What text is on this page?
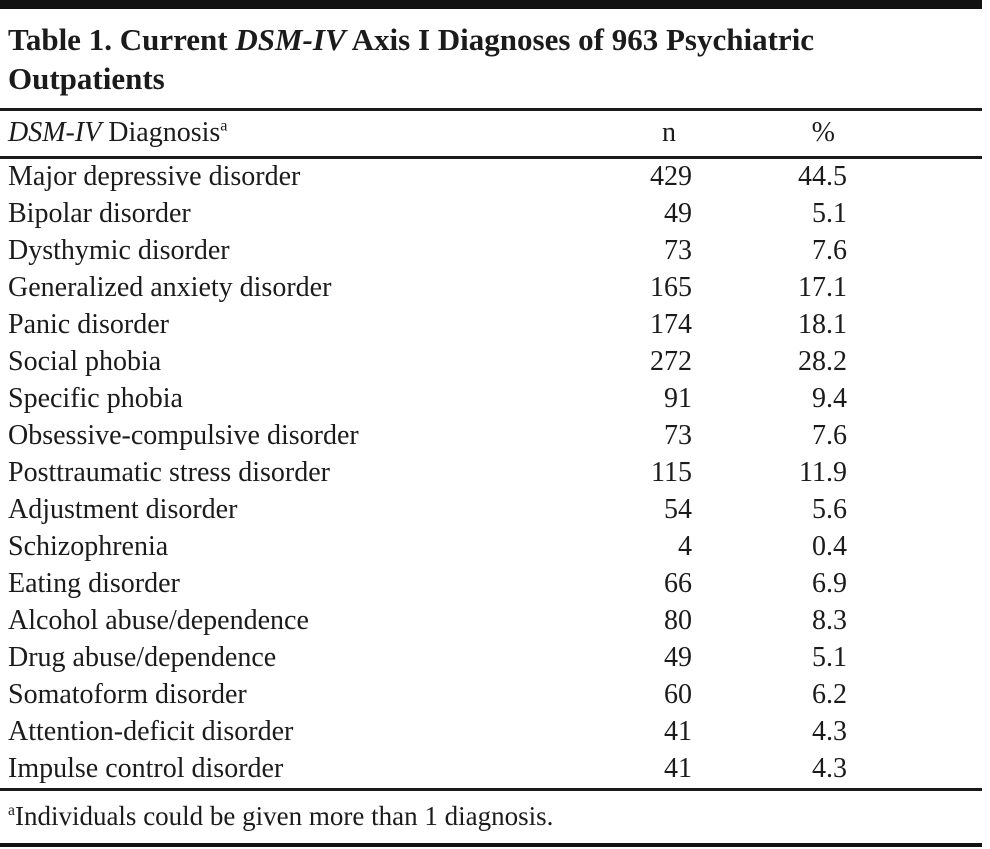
Table 1. Current DSM-IV Axis I Diagnoses of 963 Psychiatric Outpatients
DSM-IV Diagnosis$^a$	n	%	
Major depressive disorder	429	44.5	
Bipolar disorder	49	5.1	
Dysthymic disorder	73	7.6	
Generalized anxiety disorder	165	17.1	
Panic disorder	174	18.1	
Social phobia	272	28.2	
Specific phobia	91	9.4	
Obsessive-compulsive disorder	73	7.6	
Posttraumatic stress disorder	115	11.9	
Adjustment disorder	54	5.6	
Schizophrenia	4	0.4	
Eating disorder	66	6.9	
Alcohol abuse/dependence	80	8.3	
Drug abuse/dependence	49	5.1	
Somatoform disorder	60	6.2	
Attention-deficit disorder	41	4.3	
Impulse control disorder	41	4.3	
$^a$Individuals could be given more than 1 diagnosis.
